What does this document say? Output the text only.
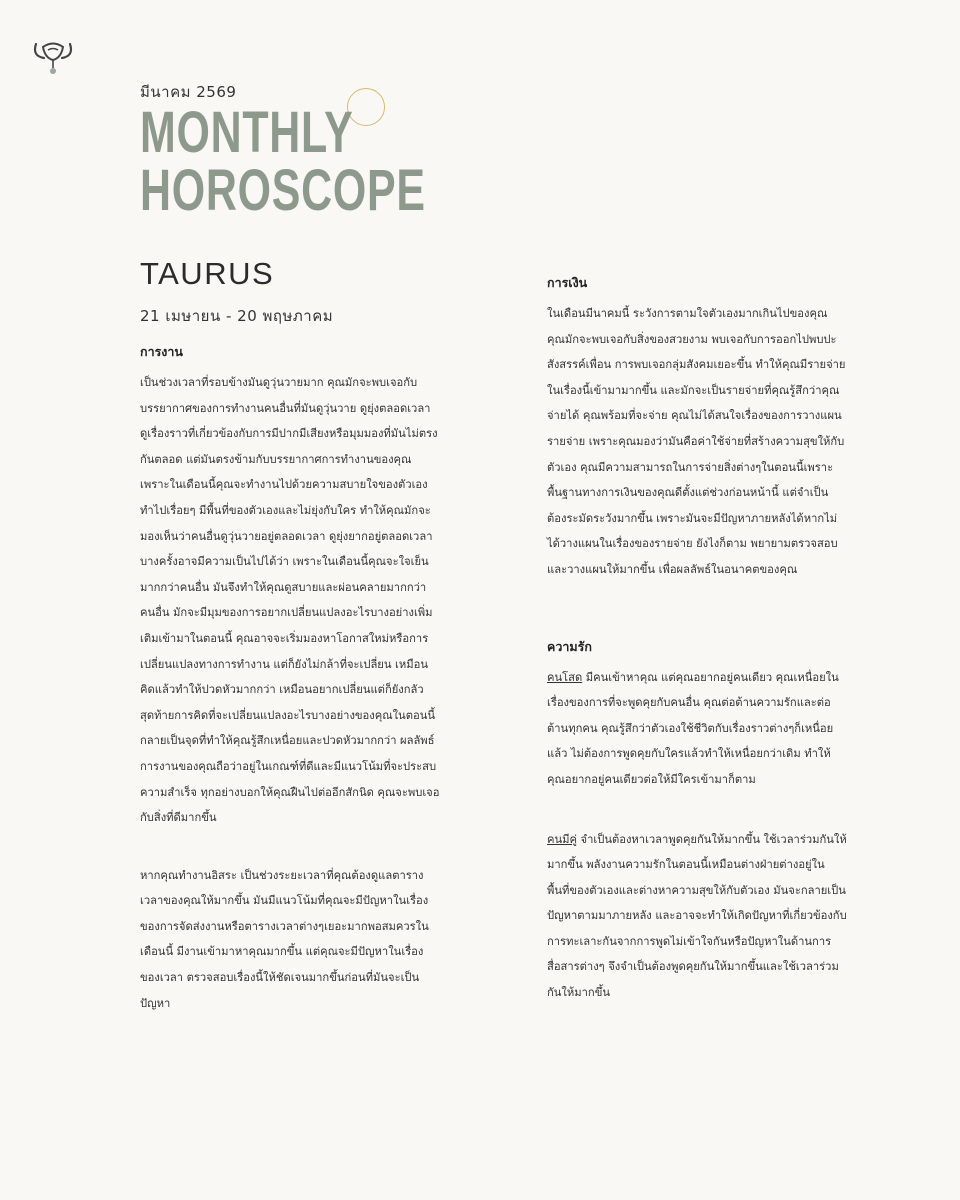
มีนาคม 2569
MONTHLY
HOROSCOPE
TAURUS
21 เมษายน - 20 พฤษภาคม
การงาน

เป็นช่วงเวลาที่รอบข้างมันดูวุ่นวายมาก คุณมักจะพบเจอกับบรรยากาศของการทำงานคนอื่นที่มันดูวุ่นวาย ดูยุ่งตลอดเวลา ดูเรื่องราวที่เกี่ยวข้องกับการมีปากมีเสียงหรือมุมมองที่มันไม่ตรงกันตลอด แต่มันตรงข้ามกับบรรยากาศการทำงานของคุณ เพราะในเดือนนี้คุณจะทำงานไปด้วยความสบายใจของตัวเอง ทำไปเรื่อยๆ มีพื้นที่ของตัวเองและไม่ยุ่งกับใคร ทำให้คุณมักจะมองเห็นว่าคนอื่นดูวุ่นวายอยู่ตลอดเวลา ดูยุ่งยากอยู่ตลอดเวลา บางครั้งอาจมีความเป็นไปได้ว่า เพราะในเดือนนี้คุณจะใจเย็นมากกว่าคนอื่น มันจึงทำให้คุณดูสบายและผ่อนคลายมากกว่าคนอื่น มักจะมีมุมของการอยากเปลี่ยนแปลงอะไรบางอย่างเพิ่มเติมเข้ามาในตอนนี้ คุณอาจจะเริ่มมองหาโอกาสใหม่หรือการเปลี่ยนแปลงทางการทำงาน แต่ก็ยังไม่กล้าที่จะเปลี่ยน เหมือนคิดแล้วทำให้ปวดหัวมากกว่า เหมือนอยากเปลี่ยนแต่ก็ยังกลัว สุดท้ายการคิดที่จะเปลี่ยนแปลงอะไรบางอย่างของคุณในตอนนี้กลายเป็นจุดที่ทำให้คุณรู้สึกเหนื่อยและปวดหัวมากกว่า ผลลัพธ์การงานของคุณถือว่าอยู่ในเกณฑ์ที่ดีและมีแนวโน้มที่จะประสบความสำเร็จ ทุกอย่างบอกให้คุณฝืนไปต่ออีกสักนิด คุณจะพบเจอกับสิ่งที่ดีมากขึ้น

หากคุณทำงานอิสระ เป็นช่วงระยะเวลาที่คุณต้องดูแลตารางเวลาของคุณให้มากขึ้น มันมีแนวโน้มที่คุณจะมีปัญหาในเรื่องของการจัดส่งงานหรือตารางเวลาต่างๆเยอะมากพอสมควรในเดือนนี้ มีงานเข้ามาหาคุณมากขึ้น แต่คุณจะมีปัญหาในเรื่องของเวลา ตรวจสอบเรื่องนี้ให้ชัดเจนมากขึ้นก่อนที่มันจะเป็นปัญหา

การเงิน

ในเดือนมีนาคมนี้ ระวังการตามใจตัวเองมากเกินไปของคุณ คุณมักจะพบเจอกับสิ่งของสวยงาม พบเจอกับการออกไปพบปะสังสรรค์เพื่อน การพบเจอกลุ่มสังคมเยอะขึ้น ทำให้คุณมีรายจ่ายในเรื่องนี้เข้ามามากขึ้น และมักจะเป็นรายจ่ายที่คุณรู้สึกว่าคุณจ่ายได้ คุณพร้อมที่จะจ่าย คุณไม่ได้สนใจเรื่องของการวางแผนรายจ่าย เพราะคุณมองว่ามันคือค่าใช้จ่ายที่สร้างความสุขให้กับตัวเอง คุณมีความสามารถในการจ่ายสิ่งต่างๆในตอนนี้เพราะพื้นฐานทางการเงินของคุณดีตั้งแต่ช่วงก่อนหน้านี้ แต่จำเป็นต้องระมัดระวังมากขึ้น เพราะมันจะมีปัญหาภายหลังได้หากไม่ได้วางแผนในเรื่องของรายจ่าย ยังไงก็ตาม พยายามตรวจสอบและวางแผนให้มากขึ้น เพื่อผลลัพธ์ในอนาคตของคุณ

ความรัก

คนโสด มีคนเข้าหาคุณ แต่คุณอยากอยู่คนเดียว คุณเหนื่อยในเรื่องของการที่จะพูดคุยกับคนอื่น คุณต่อต้านความรักและต่อต้านทุกคน คุณรู้สึกว่าตัวเองใช้ชีวิตกับเรื่องราวต่างๆก็เหนื่อยแล้ว ไม่ต้องการพูดคุยกับใครแล้วทำให้เหนื่อยกว่าเดิม ทำให้คุณอยากอยู่คนเดียวต่อให้มีใครเข้ามาก็ตาม

คนมีคู่ จำเป็นต้องหาเวลาพูดคุยกันให้มากขึ้น ใช้เวลาร่วมกันให้มากขึ้น พลังงานความรักในตอนนี้เหมือนต่างฝ่ายต่างอยู่ในพื้นที่ของตัวเองและต่างหาความสุขให้กับตัวเอง มันจะกลายเป็นปัญหาตามมาภายหลัง และอาจจะทำให้เกิดปัญหาที่เกี่ยวข้องกับการทะเลาะกันจากการพูดไม่เข้าใจกันหรือปัญหาในด้านการสื่อสารต่างๆ จึงจำเป็นต้องพูดคุยกันให้มากขึ้นและใช้เวลาร่วมกันให้มากขึ้น
